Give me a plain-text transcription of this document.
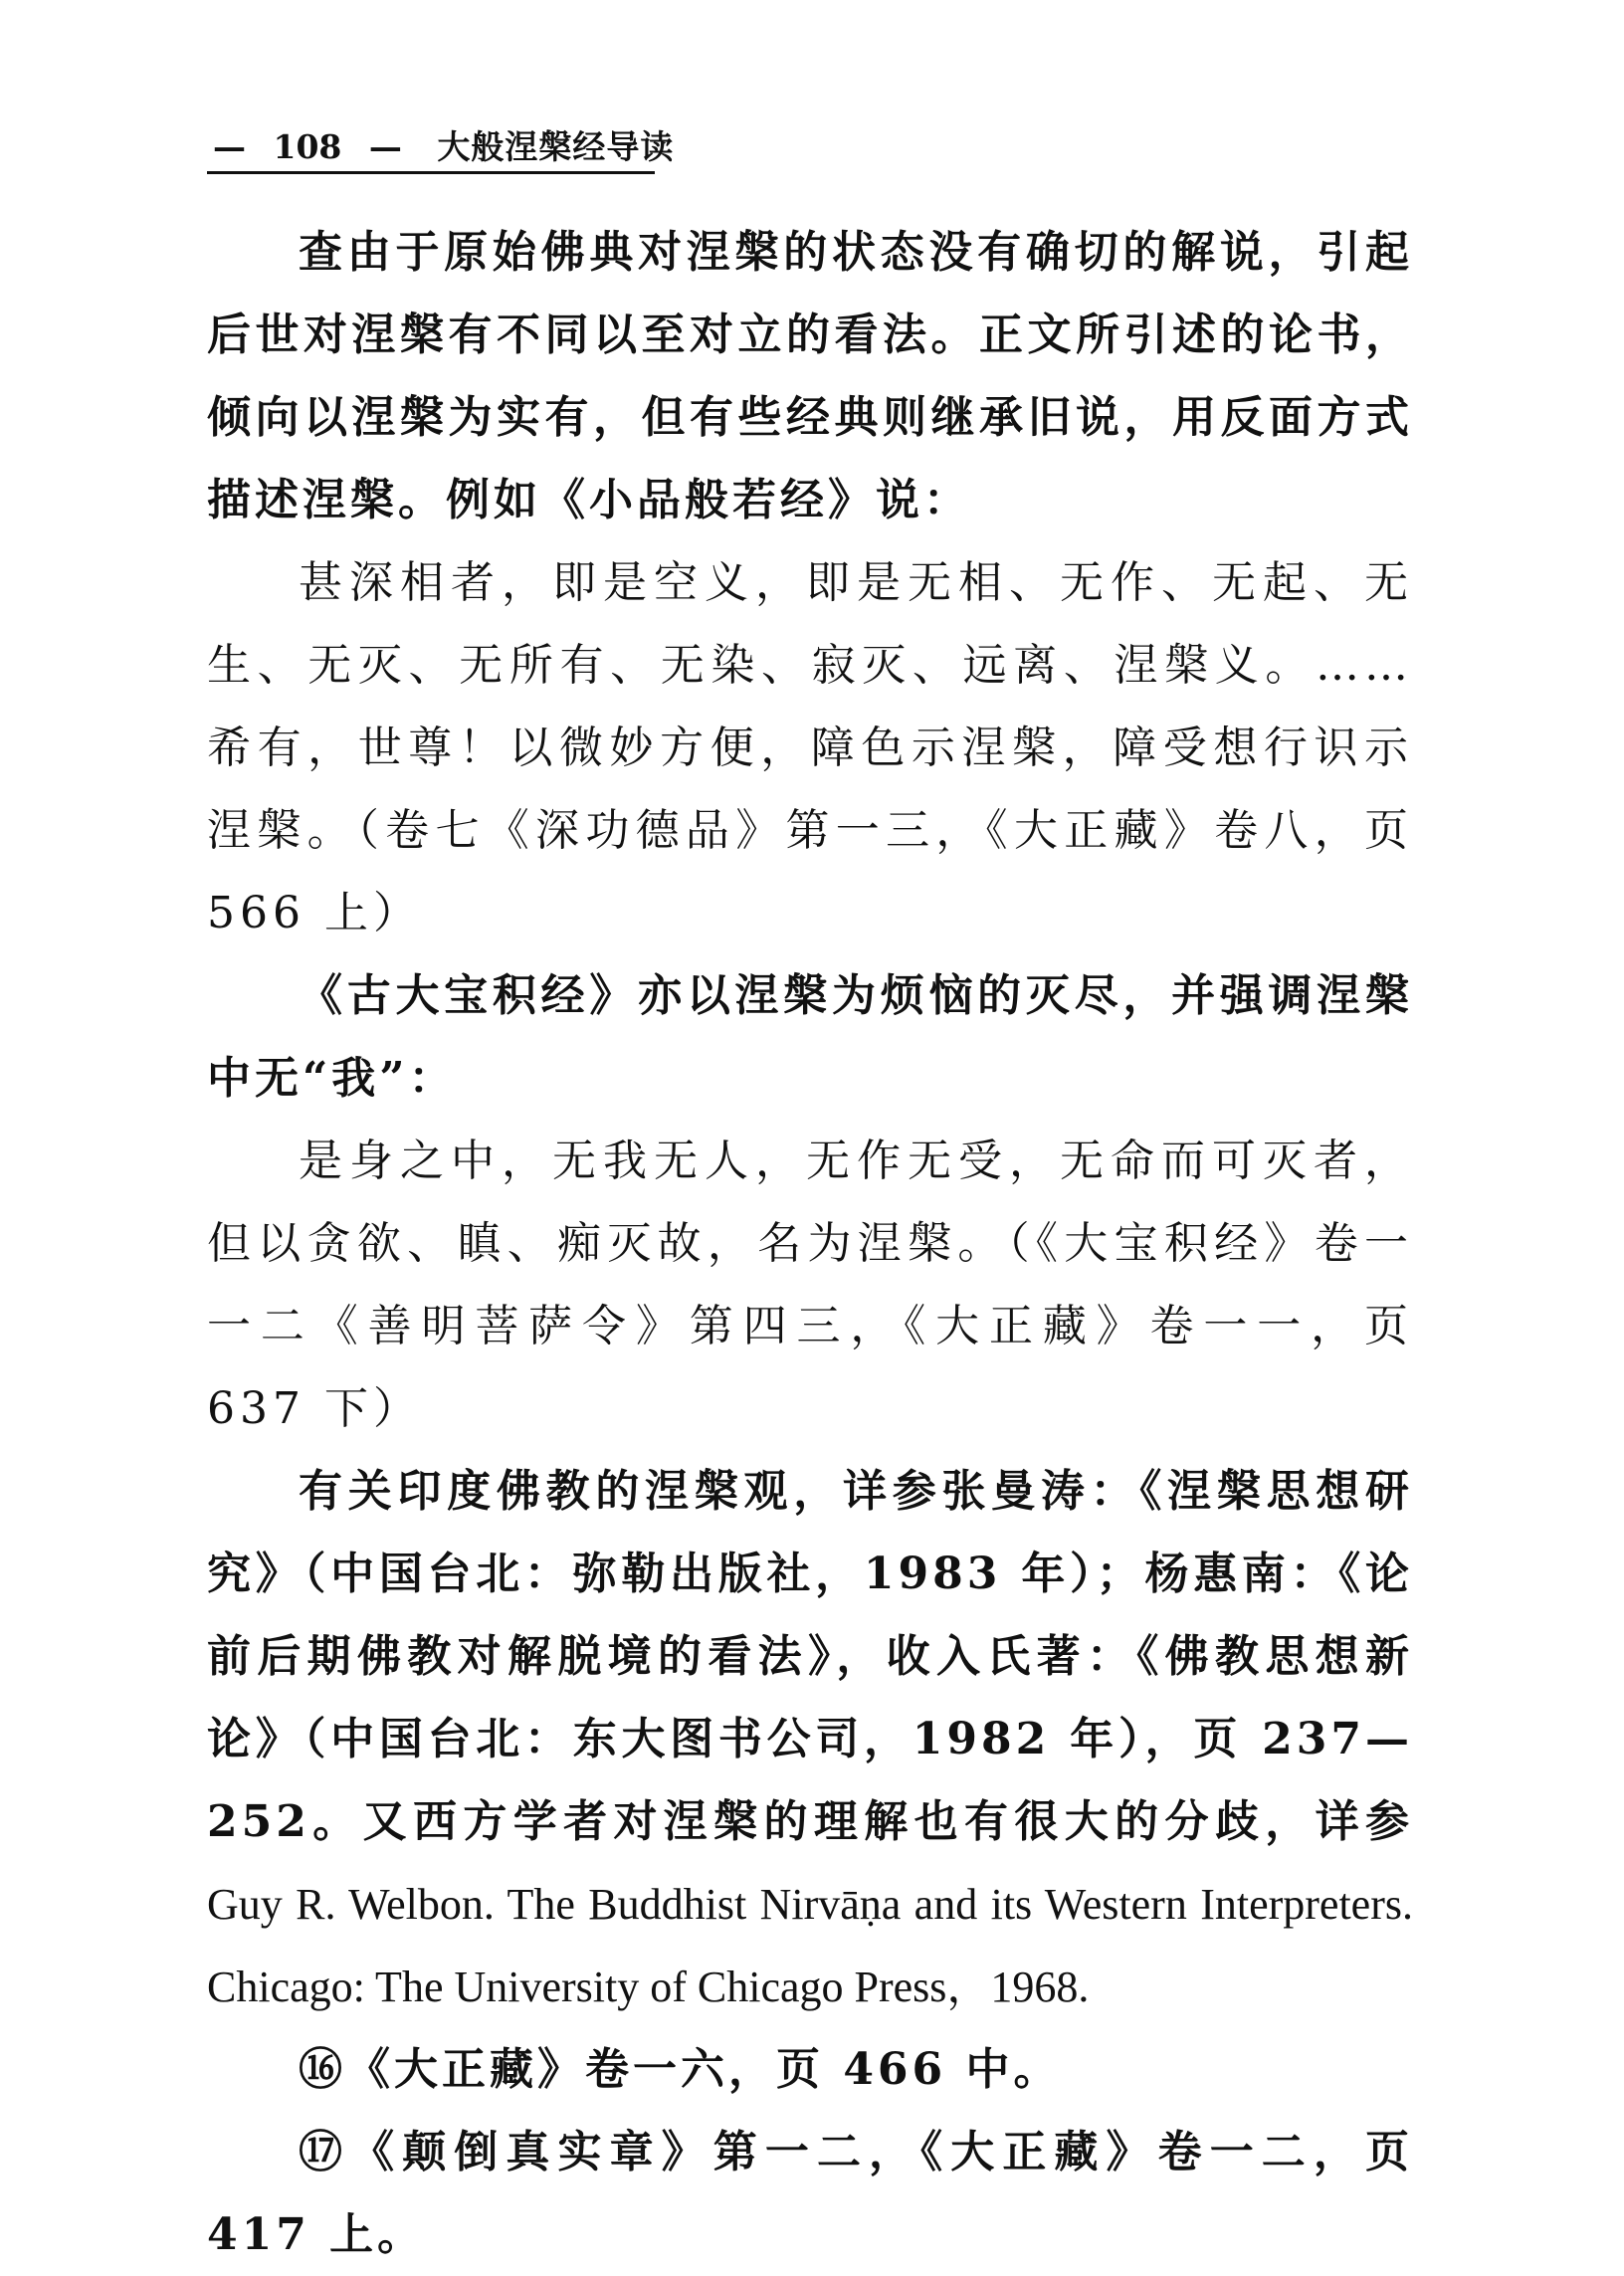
— 108 — 大般涅槃经导读

查由于原始佛典对涅槃的状态没有确切的解说，引起后世对涅槃有不同以至对立的看法。正文所引述的论书，倾向以涅槃为实有，但有些经典则继承旧说，用反面方式描述涅槃。例如《小品般若经》说：

甚深相者，即是空义，即是无相、无作、无起、无生、无灭、无所有、无染、寂灭、远离、涅槃义。……希有，世尊！以微妙方便，障色示涅槃，障受想行识示涅槃。（卷七《深功德品》第一三，《大正藏》卷八，页 566 上）

《古大宝积经》亦以涅槃为烦恼的灭尽，并强调涅槃中无“我”：

是身之中，无我无人，无作无受，无命而可灭者，但以贪欲、瞋、痴灭故，名为涅槃。（《大宝积经》卷一一二《善明菩萨令》第四三，《大正藏》卷一一，页 637 下）

有关印度佛教的涅槃观，详参张曼涛：《涅槃思想研究》（中国台北：弥勒出版社，1983 年）；杨惠南：《论前后期佛教对解脱境的看法》，收入氏著：《佛教思想新论》（中国台北：东大图书公司，1982 年），页 237—252。又西方学者对涅槃的理解也有很大的分歧，详参 Guy R. Welbon. The Buddhist Nirvāṇa and its Western Interpreters. Chicago: The University of Chicago Press，1968.

⑯《大正藏》卷一六，页 466 中。

⑰《颠倒真实章》第一二，《大正藏》卷一二，页 417 上。
